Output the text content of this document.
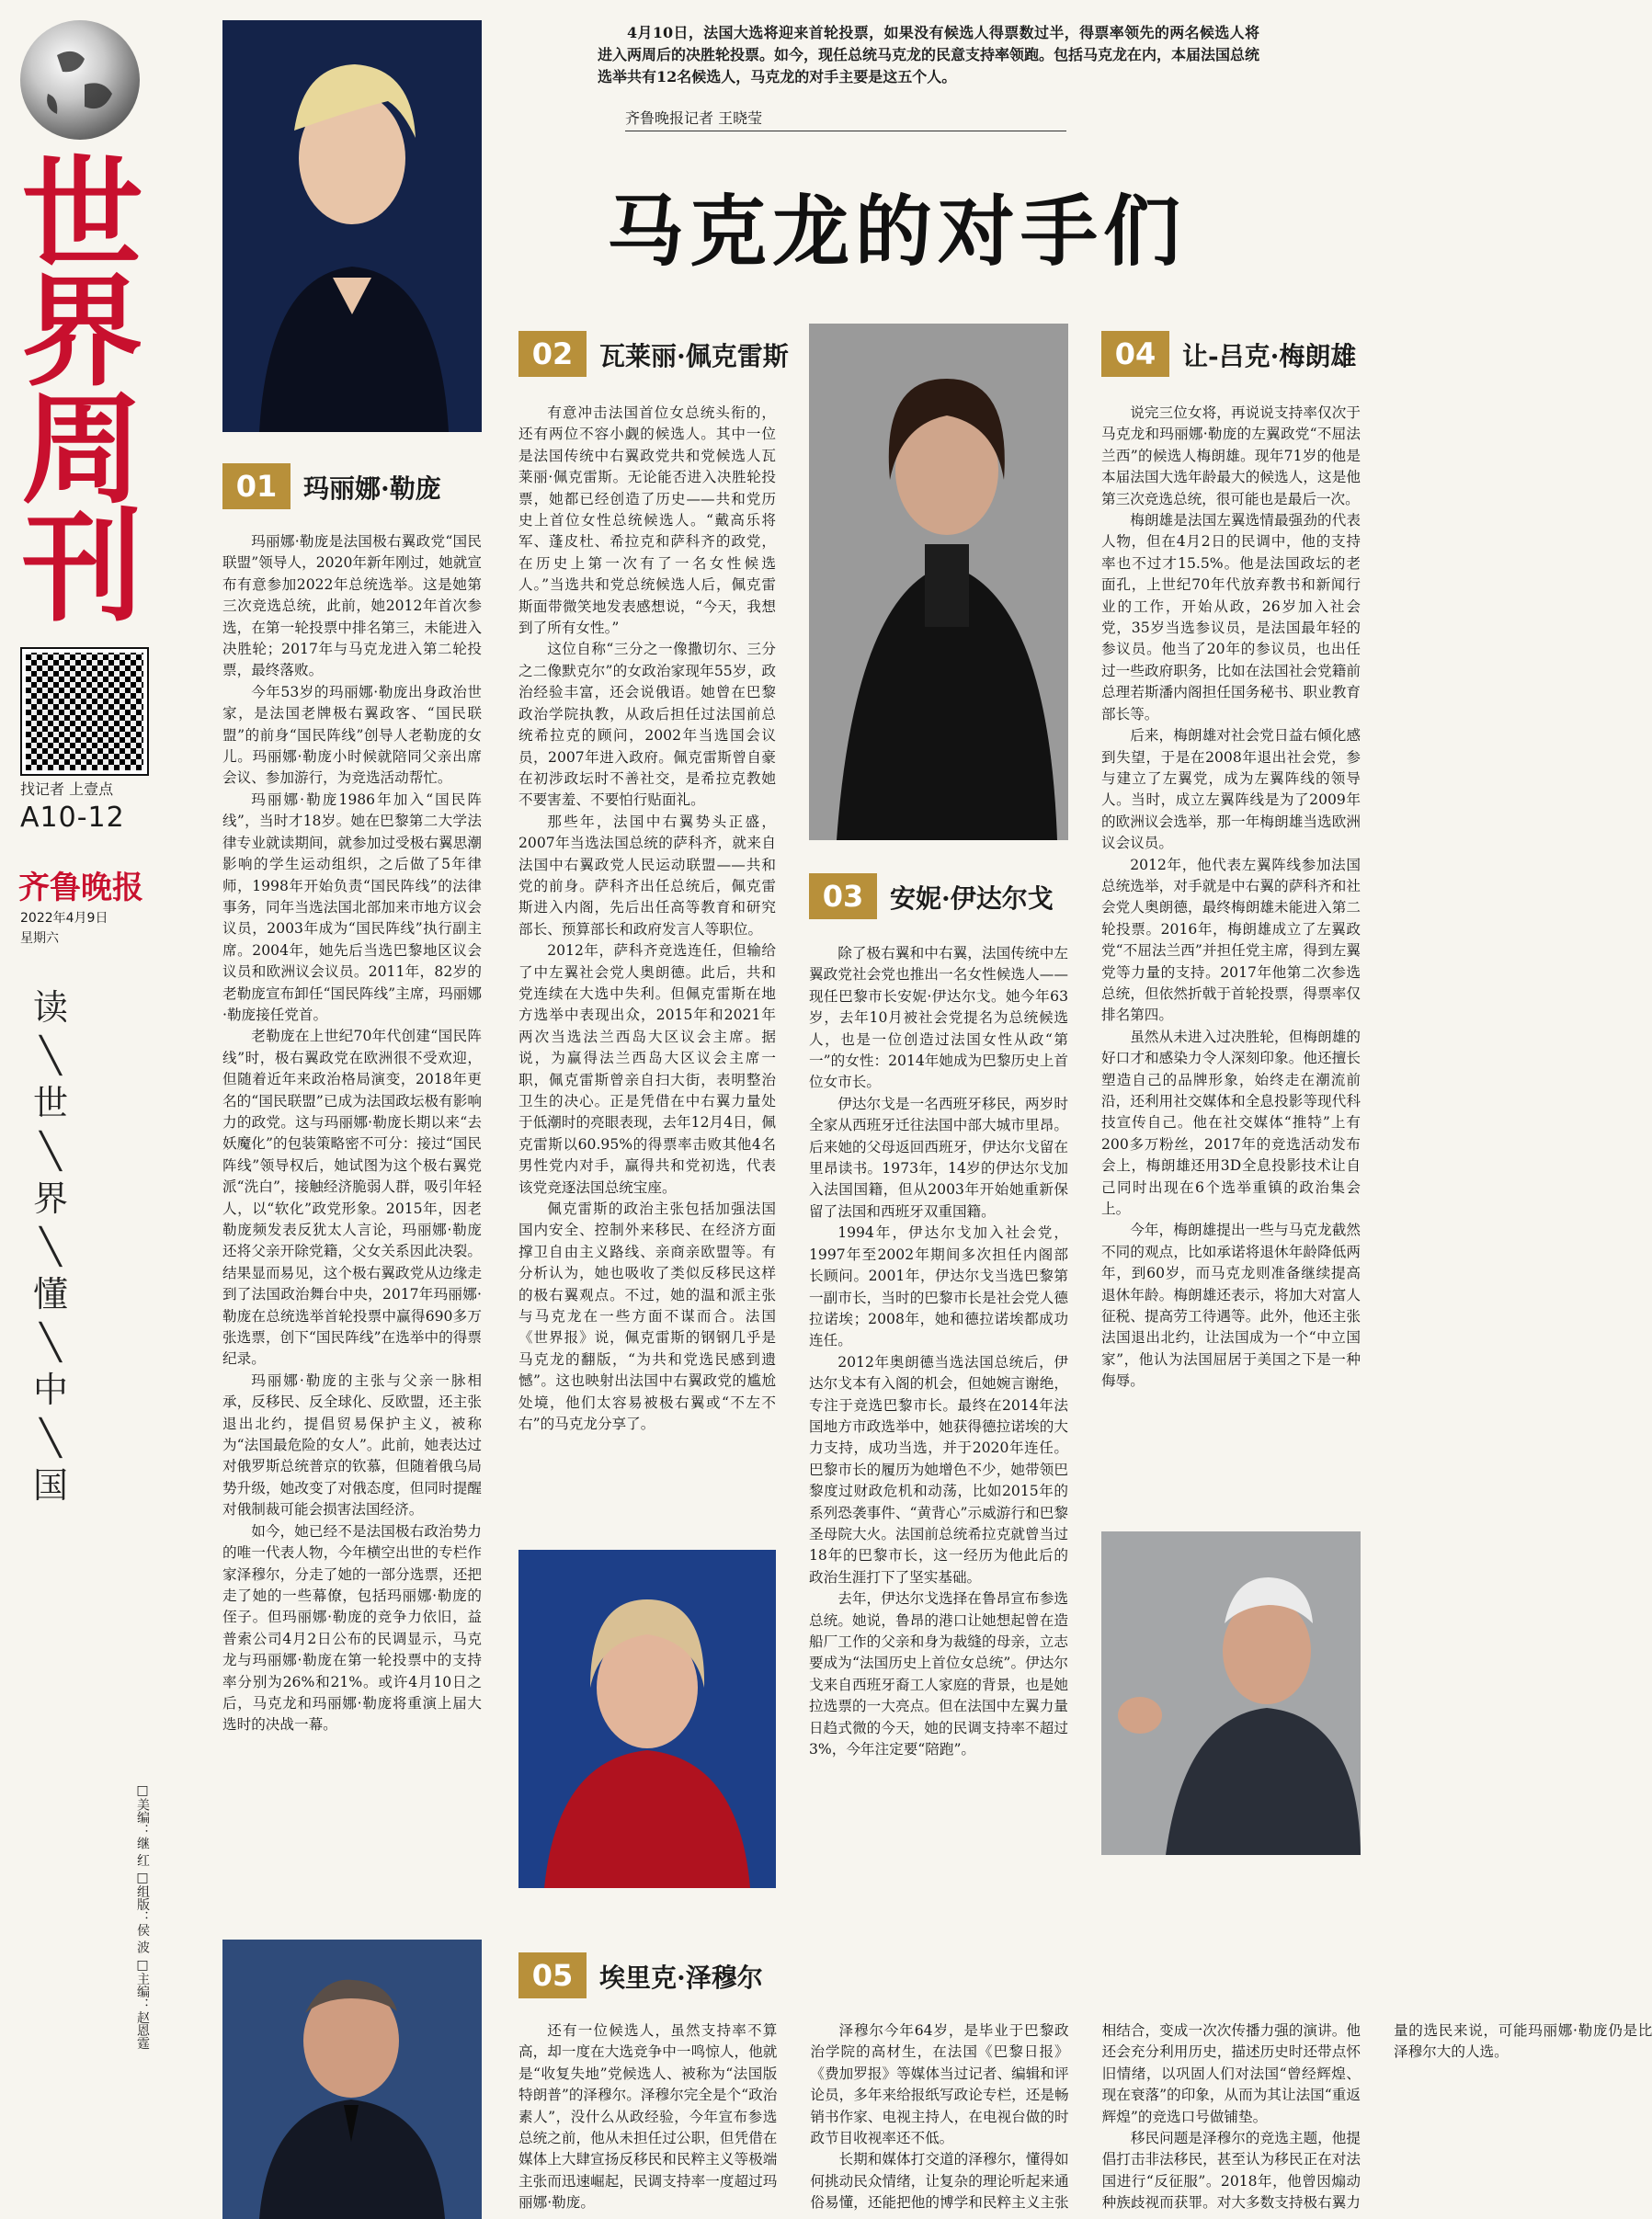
世界周刊
找记者 上壹点
A10-12
齐鲁晚报
2022年4月9日
星期六
读
╲
世
╲
界
╲
懂
╲
中
╲
国
□美编：继 红 □组版：侯 波 □主编：赵恩霆
4月10日，法国大选将迎来首轮投票，如果没有候选人得票数过半，得票率领先的两名候选人将进入两周后的决胜轮投票。如今，现任总统马克龙的民意支持率领跑。包括马克龙在内，本届法国总统选举共有12名候选人，马克龙的对手主要是这五个人。
齐鲁晚报记者 王晓莹
马克龙的对手们
01	玛丽娜·勒庞

玛丽娜·勒庞是法国极右翼政党“国民联盟”领导人，2020年新年刚过，她就宣布有意参加2022年总统选举。这是她第三次竞选总统，此前，她2012年首次参选，在第一轮投票中排名第三，未能进入决胜轮；2017年与马克龙进入第二轮投票，最终落败。

今年53岁的玛丽娜·勒庞出身政治世家，是法国老牌极右翼政客、“国民联盟”的前身“国民阵线”创导人老勒庞的女儿。玛丽娜·勒庞小时候就陪同父亲出席会议、参加游行，为竞选活动帮忙。

玛丽娜·勒庞1986年加入“国民阵线”，当时才18岁。她在巴黎第二大学法律专业就读期间，就参加过受极右翼思潮影响的学生运动组织，之后做了5年律师，1998年开始负责“国民阵线”的法律事务，同年当选法国北部加来市地方议会议员，2003年成为“国民阵线”执行副主席。2004年，她先后当选巴黎地区议会议员和欧洲议会议员。2011年，82岁的老勒庞宣布卸任“国民阵线”主席，玛丽娜·勒庞接任党首。

老勒庞在上世纪70年代创建“国民阵线”时，极右翼政党在欧洲很不受欢迎，但随着近年来政治格局演变，2018年更名的“国民联盟”已成为法国政坛极有影响力的政党。这与玛丽娜·勒庞长期以来“去妖魔化”的包装策略密不可分：接过“国民阵线”领导权后，她试图为这个极右翼党派“洗白”，接触经济脆弱人群，吸引年轻人，以“软化”政党形象。2015年，因老勒庞频发表反犹太人言论，玛丽娜·勒庞还将父亲开除党籍，父女关系因此决裂。结果显而易见，这个极右翼政党从边缘走到了法国政治舞台中央，2017年玛丽娜·勒庞在总统选举首轮投票中赢得690多万张选票，创下“国民阵线”在选举中的得票纪录。

玛丽娜·勒庞的主张与父亲一脉相承，反移民、反全球化、反欧盟，还主张退出北约，提倡贸易保护主义，被称为“法国最危险的女人”。此前，她表达过对俄罗斯总统普京的钦慕，但随着俄乌局势升级，她改变了对俄态度，但同时提醒对俄制裁可能会损害法国经济。

如今，她已经不是法国极右政治势力的唯一代表人物，今年横空出世的专栏作家泽穆尔，分走了她的一部分选票，还把走了她的一些幕僚，包括玛丽娜·勒庞的侄子。但玛丽娜·勒庞的竞争力依旧，益普索公司4月2日公布的民调显示，马克龙与玛丽娜·勒庞在第一轮投票中的支持率分别为26%和21%。或许4月10日之后，马克龙和玛丽娜·勒庞将重演上届大选时的决战一幕。

02	瓦莱丽·佩克雷斯

有意冲击法国首位女总统头衔的，还有两位不容小觑的候选人。其中一位是法国传统中右翼政党共和党候选人瓦莱丽·佩克雷斯。无论能否进入决胜轮投票，她都已经创造了历史——共和党历史上首位女性总统候选人。“戴高乐将军、蓬皮杜、希拉克和萨科齐的政党，在历史上第一次有了一名女性候选人。”当选共和党总统候选人后，佩克雷斯面带微笑地发表感想说，“今天，我想到了所有女性。”

这位自称“三分之一像撒切尔、三分之二像默克尔”的女政治家现年55岁，政治经验丰富，还会说俄语。她曾在巴黎政治学院执教，从政后担任过法国前总统希拉克的顾问，2002年当选国会议员，2007年进入政府。佩克雷斯曾自豪在初涉政坛时不善社交，是希拉克教她不要害羞、不要怕行贴面礼。

那些年，法国中右翼势头正盛，2007年当选法国总统的萨科齐，就来自法国中右翼政党人民运动联盟——共和党的前身。萨科齐出任总统后，佩克雷斯进入内阁，先后出任高等教育和研究部长、预算部长和政府发言人等职位。

2012年，萨科齐竞选连任，但输给了中左翼社会党人奥朗德。此后，共和党连续在大选中失利。但佩克雷斯在地方选举中表现出众，2015年和2021年两次当选法兰西岛大区议会主席。据说，为赢得法兰西岛大区议会主席一职，佩克雷斯曾亲自扫大街，表明整治卫生的决心。正是凭借在中右翼力量处于低潮时的亮眼表现，去年12月4日，佩克雷斯以60.95%的得票率击败其他4名男性党内对手，赢得共和党初选，代表该党竞逐法国总统宝座。

佩克雷斯的政治主张包括加强法国国内安全、控制外来移民、在经济方面撑卫自由主义路线、亲商亲欧盟等。有分析认为，她也吸收了类似反移民这样的极右翼观点。不过，她的温和派主张与马克龙在一些方面不谋而合。法国《世界报》说，佩克雷斯的钢钢几乎是马克龙的翻版，“为共和党选民感到遗憾”。这也映射出法国中右翼政党的尴尬处境，他们太容易被极右翼或“不左不右”的马克龙分享了。

03	安妮·伊达尔戈

除了极右翼和中右翼，法国传统中左翼政党社会党也推出一名女性候选人——现任巴黎市长安妮·伊达尔戈。她今年63岁，去年10月被社会党提名为总统候选人，也是一位创造过法国女性从政“第一”的女性：2014年她成为巴黎历史上首位女市长。

伊达尔戈是一名西班牙移民，两岁时全家从西班牙迁往法国中部大城市里昂。后来她的父母返回西班牙，伊达尔戈留在里昂读书。1973年，14岁的伊达尔戈加入法国国籍，但从2003年开始她重新保留了法国和西班牙双重国籍。

1994年，伊达尔戈加入社会党，1997年至2002年期间多次担任内阁部长顾问。2001年，伊达尔戈当选巴黎第一副市长，当时的巴黎市长是社会党人德拉诺埃；2008年，她和德拉诺埃都成功连任。

2012年奥朗德当选法国总统后，伊达尔戈本有入阁的机会，但她婉言谢绝，专注于竞选巴黎市长。最终在2014年法国地方市政选举中，她获得德拉诺埃的大力支持，成功当选，并于2020年连任。巴黎市长的履历为她增色不少，她带领巴黎度过财政危机和动荡，比如2015年的系列恐袭事件、“黄背心”示威游行和巴黎圣母院大火。法国前总统希拉克就曾当过18年的巴黎市长，这一经历为他此后的政治生涯打下了坚实基础。

去年，伊达尔戈选择在鲁昂宣布参选总统。她说，鲁昂的港口让她想起曾在造船厂工作的父亲和身为裁缝的母亲，立志要成为“法国历史上首位女总统”。伊达尔戈来自西班牙裔工人家庭的背景，也是她拉选票的一大亮点。但在法国中左翼力量日趋式微的今天，她的民调支持率不超过3%，今年注定要“陪跑”。

04	让-吕克·梅朗雄

说完三位女将，再说说支持率仅次于马克龙和玛丽娜·勒庞的左翼政党“不屈法兰西”的候选人梅朗雄。现年71岁的他是本届法国大选年龄最大的候选人，这是他第三次竞选总统，很可能也是最后一次。

梅朗雄是法国左翼选情最强劲的代表人物，但在4月2日的民调中，他的支持率也不过才15.5%。他是法国政坛的老面孔，上世纪70年代放弃教书和新闻行业的工作，开始从政，26岁加入社会党，35岁当选参议员，是法国最年轻的参议员。他当了20年的参议员，也出任过一些政府职务，比如在法国社会党籍前总理若斯潘内阁担任国务秘书、职业教育部长等。

后来，梅朗雄对社会党日益右倾化感到失望，于是在2008年退出社会党，参与建立了左翼党，成为左翼阵线的领导人。当时，成立左翼阵线是为了2009年的欧洲议会选举，那一年梅朗雄当选欧洲议会议员。

2012年，他代表左翼阵线参加法国总统选举，对手就是中右翼的萨科齐和社会党人奥朗德，最终梅朗雄未能进入第二轮投票。2016年，梅朗雄成立了左翼政党“不屈法兰西”并担任党主席，得到左翼党等力量的支持。2017年他第二次参选总统，但依然折戟于首轮投票，得票率仅排名第四。

虽然从未进入过决胜轮，但梅朗雄的好口才和感染力令人深刻印象。他还擅长塑造自己的品牌形象，始终走在潮流前沿，还利用社交媒体和全息投影等现代科技宣传自己。他在社交媒体“推特”上有200多万粉丝，2017年的竞选活动发布会上，梅朗雄还用3D全息投影技术让自己同时出现在6个选举重镇的政治集会上。

今年，梅朗雄提出一些与马克龙截然不同的观点，比如承诺将退休年龄降低两年，到60岁，而马克龙则准备继续提高退休年龄。梅朗雄还表示，将加大对富人征税、提高劳工待遇等。此外，他还主张法国退出北约，让法国成为一个“中立国家”，他认为法国屈居于美国之下是一种侮辱。

05	埃里克·泽穆尔

还有一位候选人，虽然支持率不算高，却一度在大选竞争中一鸣惊人，他就是“收复失地”党候选人、被称为“法国版特朗普”的泽穆尔。泽穆尔完全是个“政治素人”，没什么从政经验，今年宣布参选总统之前，他从未担任过公职，但凭借在媒体上大肆宣扬反移民和民粹主义等极端主张而迅速崛起，民调支持率一度超过玛丽娜·勒庞。

泽穆尔今年64岁，是毕业于巴黎政治学院的高材生，在法国《巴黎日报》《费加罗报》等媒体当过记者、编辑和评论员，多年来给报纸写政论专栏，还是畅销书作家、电视主持人，在电视台做的时政节目收视率还不低。

长期和媒体打交道的泽穆尔，懂得如何挑动民众情绪，让复杂的理论听起来通俗易懂，还能把他的博学和民粹主义主张相结合，变成一次次传播力强的演讲。他还会充分利用历史，描述历史时还带点怀旧情绪，以巩固人们对法国“曾经辉煌、现在衰落”的印象，从而为其让法国“重返辉煌”的竞选口号做铺垫。

移民问题是泽穆尔的竞选主题，他提倡打击非法移民，甚至认为移民正在对法国进行“反征服”。2018年，他曾因煽动种族歧视而获罪。对大多数支持极右翼力量的选民来说，可能玛丽娜·勒庞仍是比泽穆尔大的人选。
